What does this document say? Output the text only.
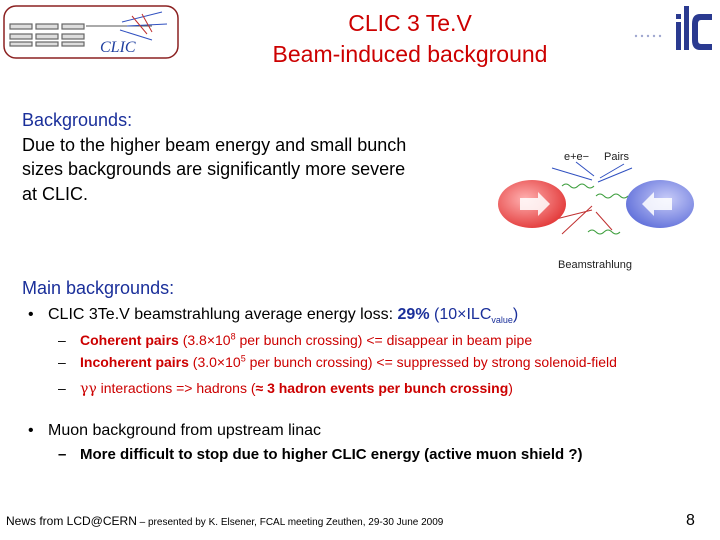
CLIC
CLIC 3 Te.V
Beam-induced background
Backgrounds:
Due to the higher beam energy and small bunch
sizes backgrounds are significantly more severe
at CLIC.
e+e− Pairs
Beamstrahlung
Main backgrounds:
• CLIC 3Te.V beamstrahlung average energy loss: 29% $(10\times ILC_{value})$
– Coherent pairs ($3.8\times 10^8$ per bunch crossing) <= disappear in beam pipe
– Incoherent pairs ($3.0\times 10^5$ per bunch crossing) <= suppressed by strong solenoid-field
– γγ interactions => hadrons (≈ 3 hadron events per bunch crossing)
• Muon background from upstream linac
– More difficult to stop due to higher CLIC energy (active muon shield ?)
News from LCD@CERN – presented by K. Elsener, FCAL meeting Zeuthen, 29-30 June 2009	8
